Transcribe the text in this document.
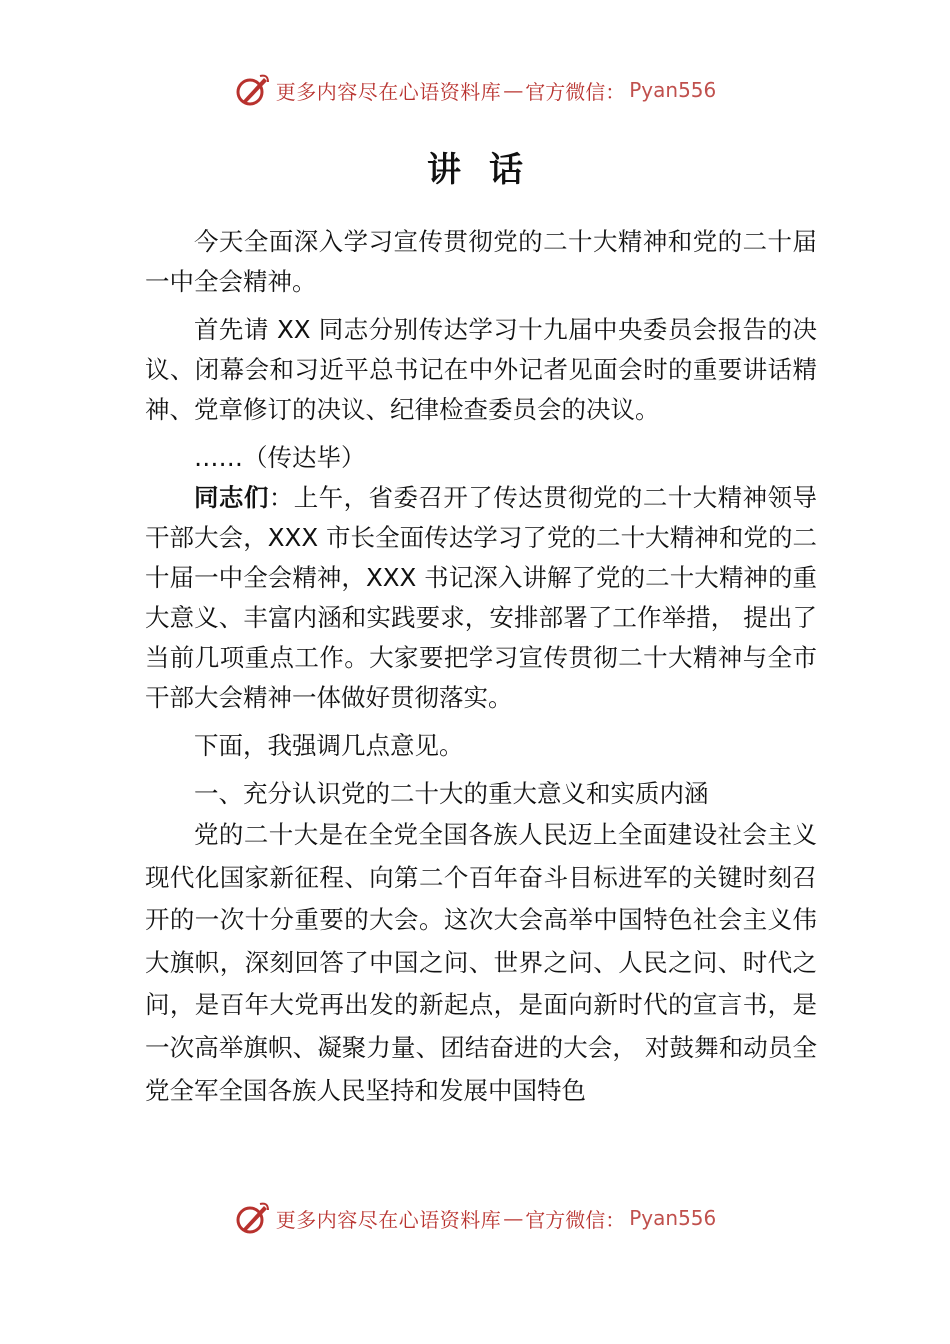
更多内容尽在心语资料库 — 官方微信： Pyan556
讲话

今天全面深入学习宣传贯彻党的二十大精神和党的二十届一中全会精神。

首先请 XX 同志分别传达学习十九届中央委员会报告的决议、闭幕会和习近平总书记在中外记者见面会时的重要讲话精神、党章修订的决议、纪律检查委员会的决议。

……（传达毕）

同志们：上午，省委召开了传达贯彻党的二十大精神领导干部大会，XXX 市长全面传达学习了党的二十大精神和党的二十届一中全会精神，XXX 书记深入讲解了党的二十大精神的重大意义、丰富内涵和实践要求，安排部署了工作举措， 提出了当前几项重点工作。大家要把学习宣传贯彻二十大精神与全市干部大会精神一体做好贯彻落实。

下面，我强调几点意见。

一、充分认识党的二十大的重大意义和实质内涵

党的二十大是在全党全国各族人民迈上全面建设社会主义现代化国家新征程、向第二个百年奋斗目标进军的关键时刻召开的一次十分重要的大会。这次大会高举中国特色社会主义伟大旗帜，深刻回答了中国之问、世界之问、人民之问、时代之问，是百年大党再出发的新起点，是面向新时代的宣言书，是一次高举旗帜、凝聚力量、团结奋进的大会， 对鼓舞和动员全党全军全国各族人民坚持和发展中国特色

更多内容尽在心语资料库 — 官方微信： Pyan556
